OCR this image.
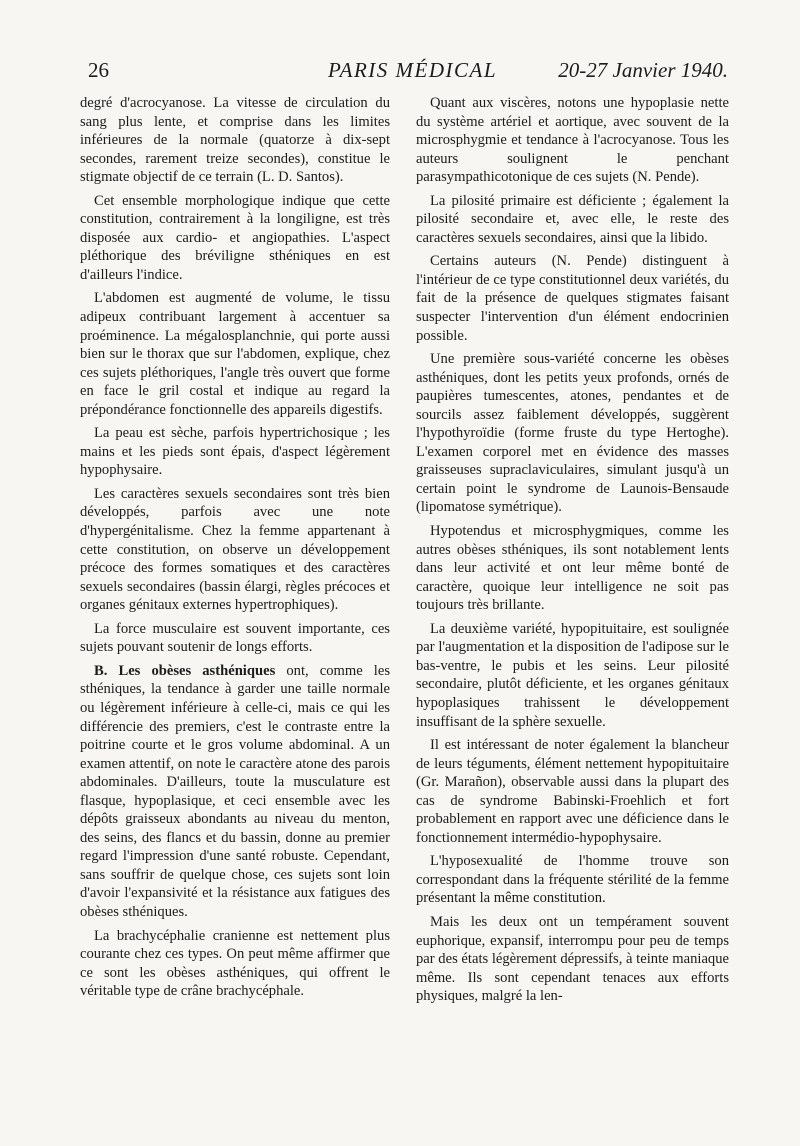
26	PARIS MÉDICAL	20-27 Janvier 1940.

degré d'acrocyanose. La vitesse de circulation du sang plus lente, et comprise dans les limites inférieures de la normale (quatorze à dix-sept secondes, rarement treize secondes), constitue le stigmate objectif de ce terrain (L. D. Santos).

Cet ensemble morphologique indique que cette constitution, contrairement à la longiligne, est très disposée aux cardio- et angiopathies. L'aspect pléthorique des bréviligne sthéniques en est d'ailleurs l'indice.

L'abdomen est augmenté de volume, le tissu adipeux contribuant largement à accentuer sa proéminence. La mégalosplanchnie, qui porte aussi bien sur le thorax que sur l'abdomen, explique, chez ces sujets pléthoriques, l'angle très ouvert que forme en face le gril costal et indique au regard la prépondérance fonctionnelle des appareils digestifs.

La peau est sèche, parfois hypertrichosique ; les mains et les pieds sont épais, d'aspect légèrement hypophysaire.

Les caractères sexuels secondaires sont très bien développés, parfois avec une note d'hypergénitalisme. Chez la femme appartenant à cette constitution, on observe un développement précoce des formes somatiques et des caractères sexuels secondaires (bassin élargi, règles précoces et organes génitaux externes hypertrophiques).

La force musculaire est souvent importante, ces sujets pouvant soutenir de longs efforts.

B. Les obèses asthéniques ont, comme les sthéniques, la tendance à garder une taille normale ou légèrement inférieure à celle-ci, mais ce qui les différencie des premiers, c'est le contraste entre la poitrine courte et le gros volume abdominal. A un examen attentif, on note le caractère atone des parois abdominales. D'ailleurs, toute la musculature est flasque, hypoplasique, et ceci ensemble avec les dépôts graisseux abondants au niveau du menton, des seins, des flancs et du bassin, donne au premier regard l'impression d'une santé robuste. Cependant, sans souffrir de quelque chose, ces sujets sont loin d'avoir l'expansivité et la résistance aux fatigues des obèses sthéniques.

La brachycéphalie cranienne est nettement plus courante chez ces types. On peut même affirmer que ce sont les obèses asthéniques, qui offrent le véritable type de crâne brachycéphale.

Quant aux viscères, notons une hypoplasie nette du système artériel et aortique, avec souvent de la microsphygmie et tendance à l'acrocyanose. Tous les auteurs soulignent le penchant parasympathicotonique de ces sujets (N. Pende).

La pilosité primaire est déficiente ; également la pilosité secondaire et, avec elle, le reste des caractères sexuels secondaires, ainsi que la libido.

Certains auteurs (N. Pende) distinguent à l'intérieur de ce type constitutionnel deux variétés, du fait de la présence de quelques stigmates faisant suspecter l'intervention d'un élément endocrinien possible.

Une première sous-variété concerne les obèses asthéniques, dont les petits yeux profonds, ornés de paupières tumescentes, atones, pendantes et de sourcils assez faiblement développés, suggèrent l'hypothyroïdie (forme fruste du type Hertoghe). L'examen corporel met en évidence des masses graisseuses supraclaviculaires, simulant jusqu'à un certain point le syndrome de Launois-Bensaude (lipomatose symétrique).

Hypotendus et microsphygmiques, comme les autres obèses sthéniques, ils sont notablement lents dans leur activité et ont leur même bonté de caractère, quoique leur intelligence ne soit pas toujours très brillante.

La deuxième variété, hypopituitaire, est soulignée par l'augmentation et la disposition de l'adipose sur le bas-ventre, le pubis et les seins. Leur pilosité secondaire, plutôt déficiente, et les organes génitaux hypoplasiques trahissent le développement insuffisant de la sphère sexuelle.

Il est intéressant de noter également la blancheur de leurs téguments, élément nettement hypopituitaire (Gr. Marañon), observable aussi dans la plupart des cas de syndrome Babinski-Froehlich et fort probablement en rapport avec une déficience dans le fonctionnement intermédio-hypophysaire.

L'hyposexualité de l'homme trouve son correspondant dans la fréquente stérilité de la femme présentant la même constitution.

Mais les deux ont un tempérament souvent euphorique, expansif, interrompu pour peu de temps par des états légèrement dépressifs, à teinte maniaque même. Ils sont cependant tenaces aux efforts physiques, malgré la len-
